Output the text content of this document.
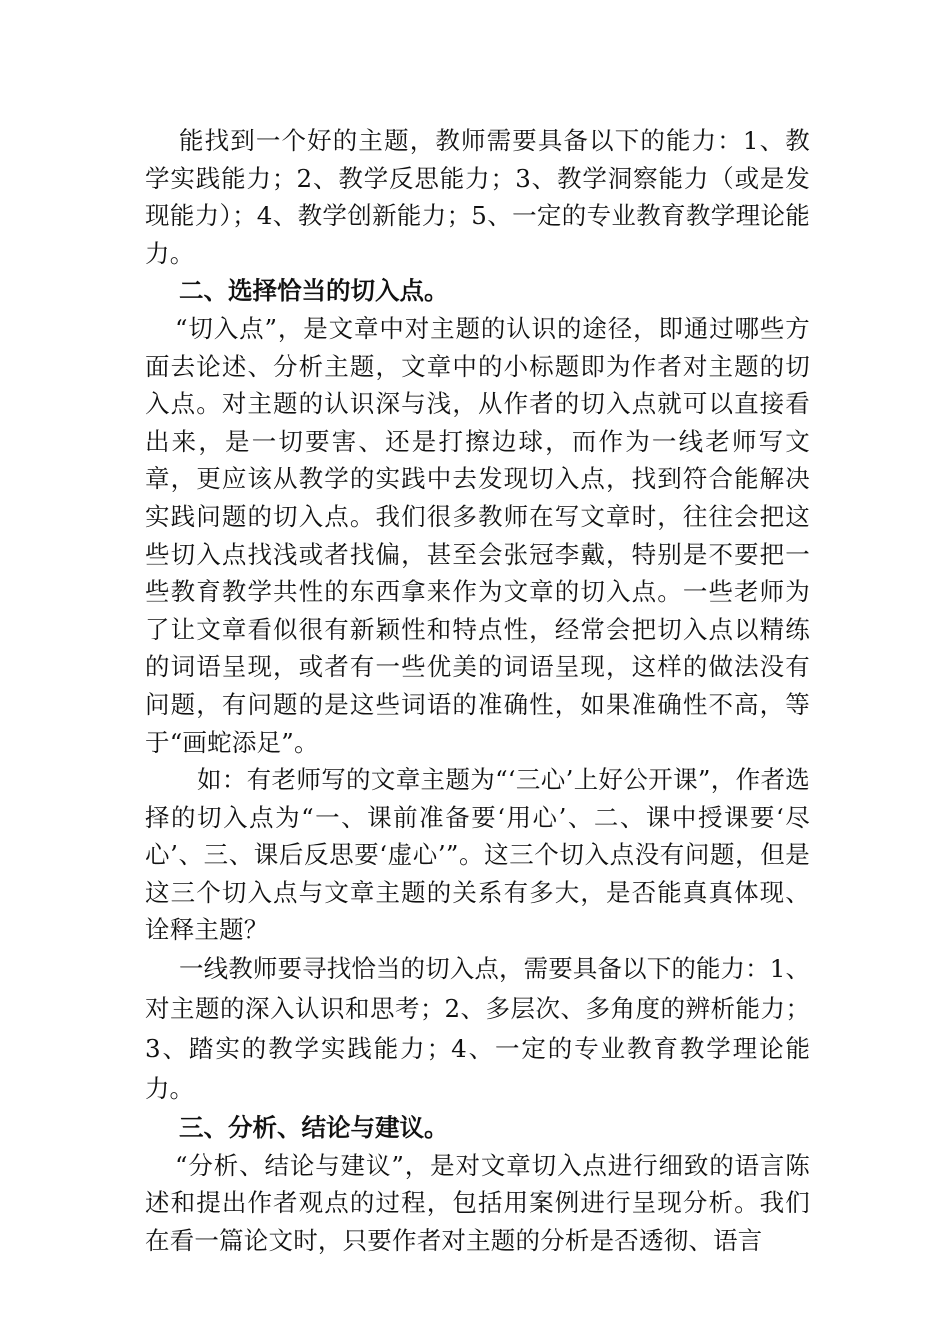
能找到一个好的主题，教师需要具备以下的能力：1、教学实践能力；2、教学反思能力；3、教学洞察能力（或是发现能力）；4、教学创新能力；5、一定的专业教育教学理论能力。

二、选择恰当的切入点。

“切入点”，是文章中对主题的认识的途径，即通过哪些方面去论述、分析主题，文章中的小标题即为作者对主题的切入点。对主题的认识深与浅，从作者的切入点就可以直接看出来，是一切要害、还是打擦边球，而作为一线老师写文章，更应该从教学的实践中去发现切入点，找到符合能解决实践问题的切入点。我们很多教师在写文章时，往往会把这些切入点找浅或者找偏，甚至会张冠李戴，特别是不要把一些教育教学共性的东西拿来作为文章的切入点。一些老师为了让文章看似很有新颖性和特点性，经常会把切入点以精练的词语呈现，或者有一些优美的词语呈现，这样的做法没有问题，有问题的是这些词语的准确性，如果准确性不高，等于“画蛇添足”。

如：有老师写的文章主题为“‘三心’上好公开课”，作者选择的切入点为“一、课前准备要‘用心’、二、课中授课要‘尽心’、三、课后反思要‘虚心’”。这三个切入点没有问题，但是这三个切入点与文章主题的关系有多大，是否能真真体现、诠释主题？

一线教师要寻找恰当的切入点，需要具备以下的能力：1、对主题的深入认识和思考；2、多层次、多角度的辨析能力；3、踏实的教学实践能力；4、一定的专业教育教学理论能力。

三、分析、结论与建议。

“分析、结论与建议”，是对文章切入点进行细致的语言陈述和提出作者观点的过程，包括用案例进行呈现分析。我们在看一篇论文时，只要作者对主题的分析是否透彻、语言
